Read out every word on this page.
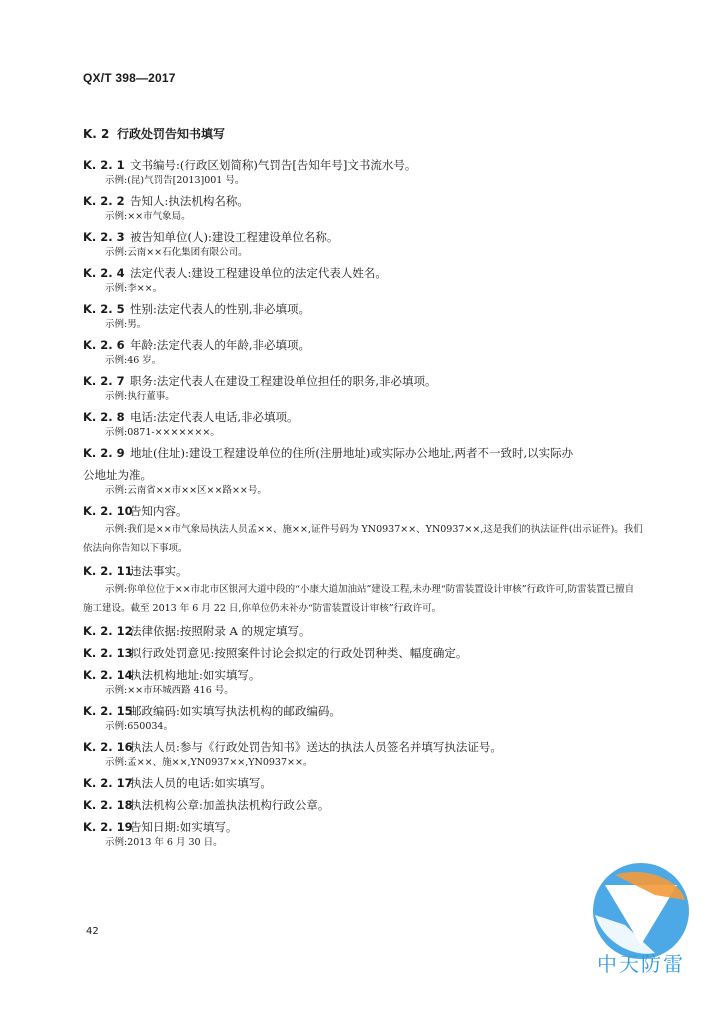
QX/T 398—2017
K. 2 行政处罚告知书填写
K. 2. 1 文书编号:(行政区划简称)气罚告[告知年号]文书流水号。
示例:(昆)气罚告[2013]001 号。
K. 2. 2 告知人:执法机构名称。
示例:××市气象局。
K. 2. 3 被告知单位(人):建设工程建设单位名称。
示例:云南××石化集团有限公司。
K. 2. 4 法定代表人:建设工程建设单位的法定代表人姓名。
示例:李××。
K. 2. 5 性别:法定代表人的性别,非必填项。
示例:男。
K. 2. 6 年龄:法定代表人的年龄,非必填项。
示例:46 岁。
K. 2. 7 职务:法定代表人在建设工程建设单位担任的职务,非必填项。
示例:执行董事。
K. 2. 8 电话:法定代表人电话,非必填项。
示例:0871-×××××××。
K. 2. 9 地址(住址):建设工程建设单位的住所(注册地址)或实际办公地址,两者不一致时,以实际办
公地址为准。
示例:云南省××市××区××路××号。
K. 2. 10告知内容。
示例:我们是××市气象局执法人员孟××、施××,证件号码为 YN0937××、YN0937××,这是我们的执法证件(出示证件)。我们依法向你告知以下事项。
K. 2. 11违法事实。
示例:你单位位于××市北市区银河大道中段的“小康大道加油站”建设工程,未办理“防雷装置设计审核”行政许可,防雷装置已擅自施工建设。截至 2013 年 6 月 22 日,你单位仍未补办“防雷装置设计审核”行政许可。
K. 2. 12法律依据:按照附录 A 的规定填写。
K. 2. 13拟行政处罚意见:按照案件讨论会拟定的行政处罚种类、幅度确定。
K. 2. 14执法机构地址:如实填写。
示例:××市环城西路 416 号。
K. 2. 15邮政编码:如实填写执法机构的邮政编码。
示例:650034。
K. 2. 16执法人员:参与《行政处罚告知书》送达的执法人员签名并填写执法证号。
示例:孟××、施××,YN0937××,YN0937××。
K. 2. 17执法人员的电话:如实填写。
K. 2. 18执法机构公章:加盖执法机构行政公章。
K. 2. 19告知日期:如实填写。
示例:2013 年 6 月 30 日。
42
中天防雷
